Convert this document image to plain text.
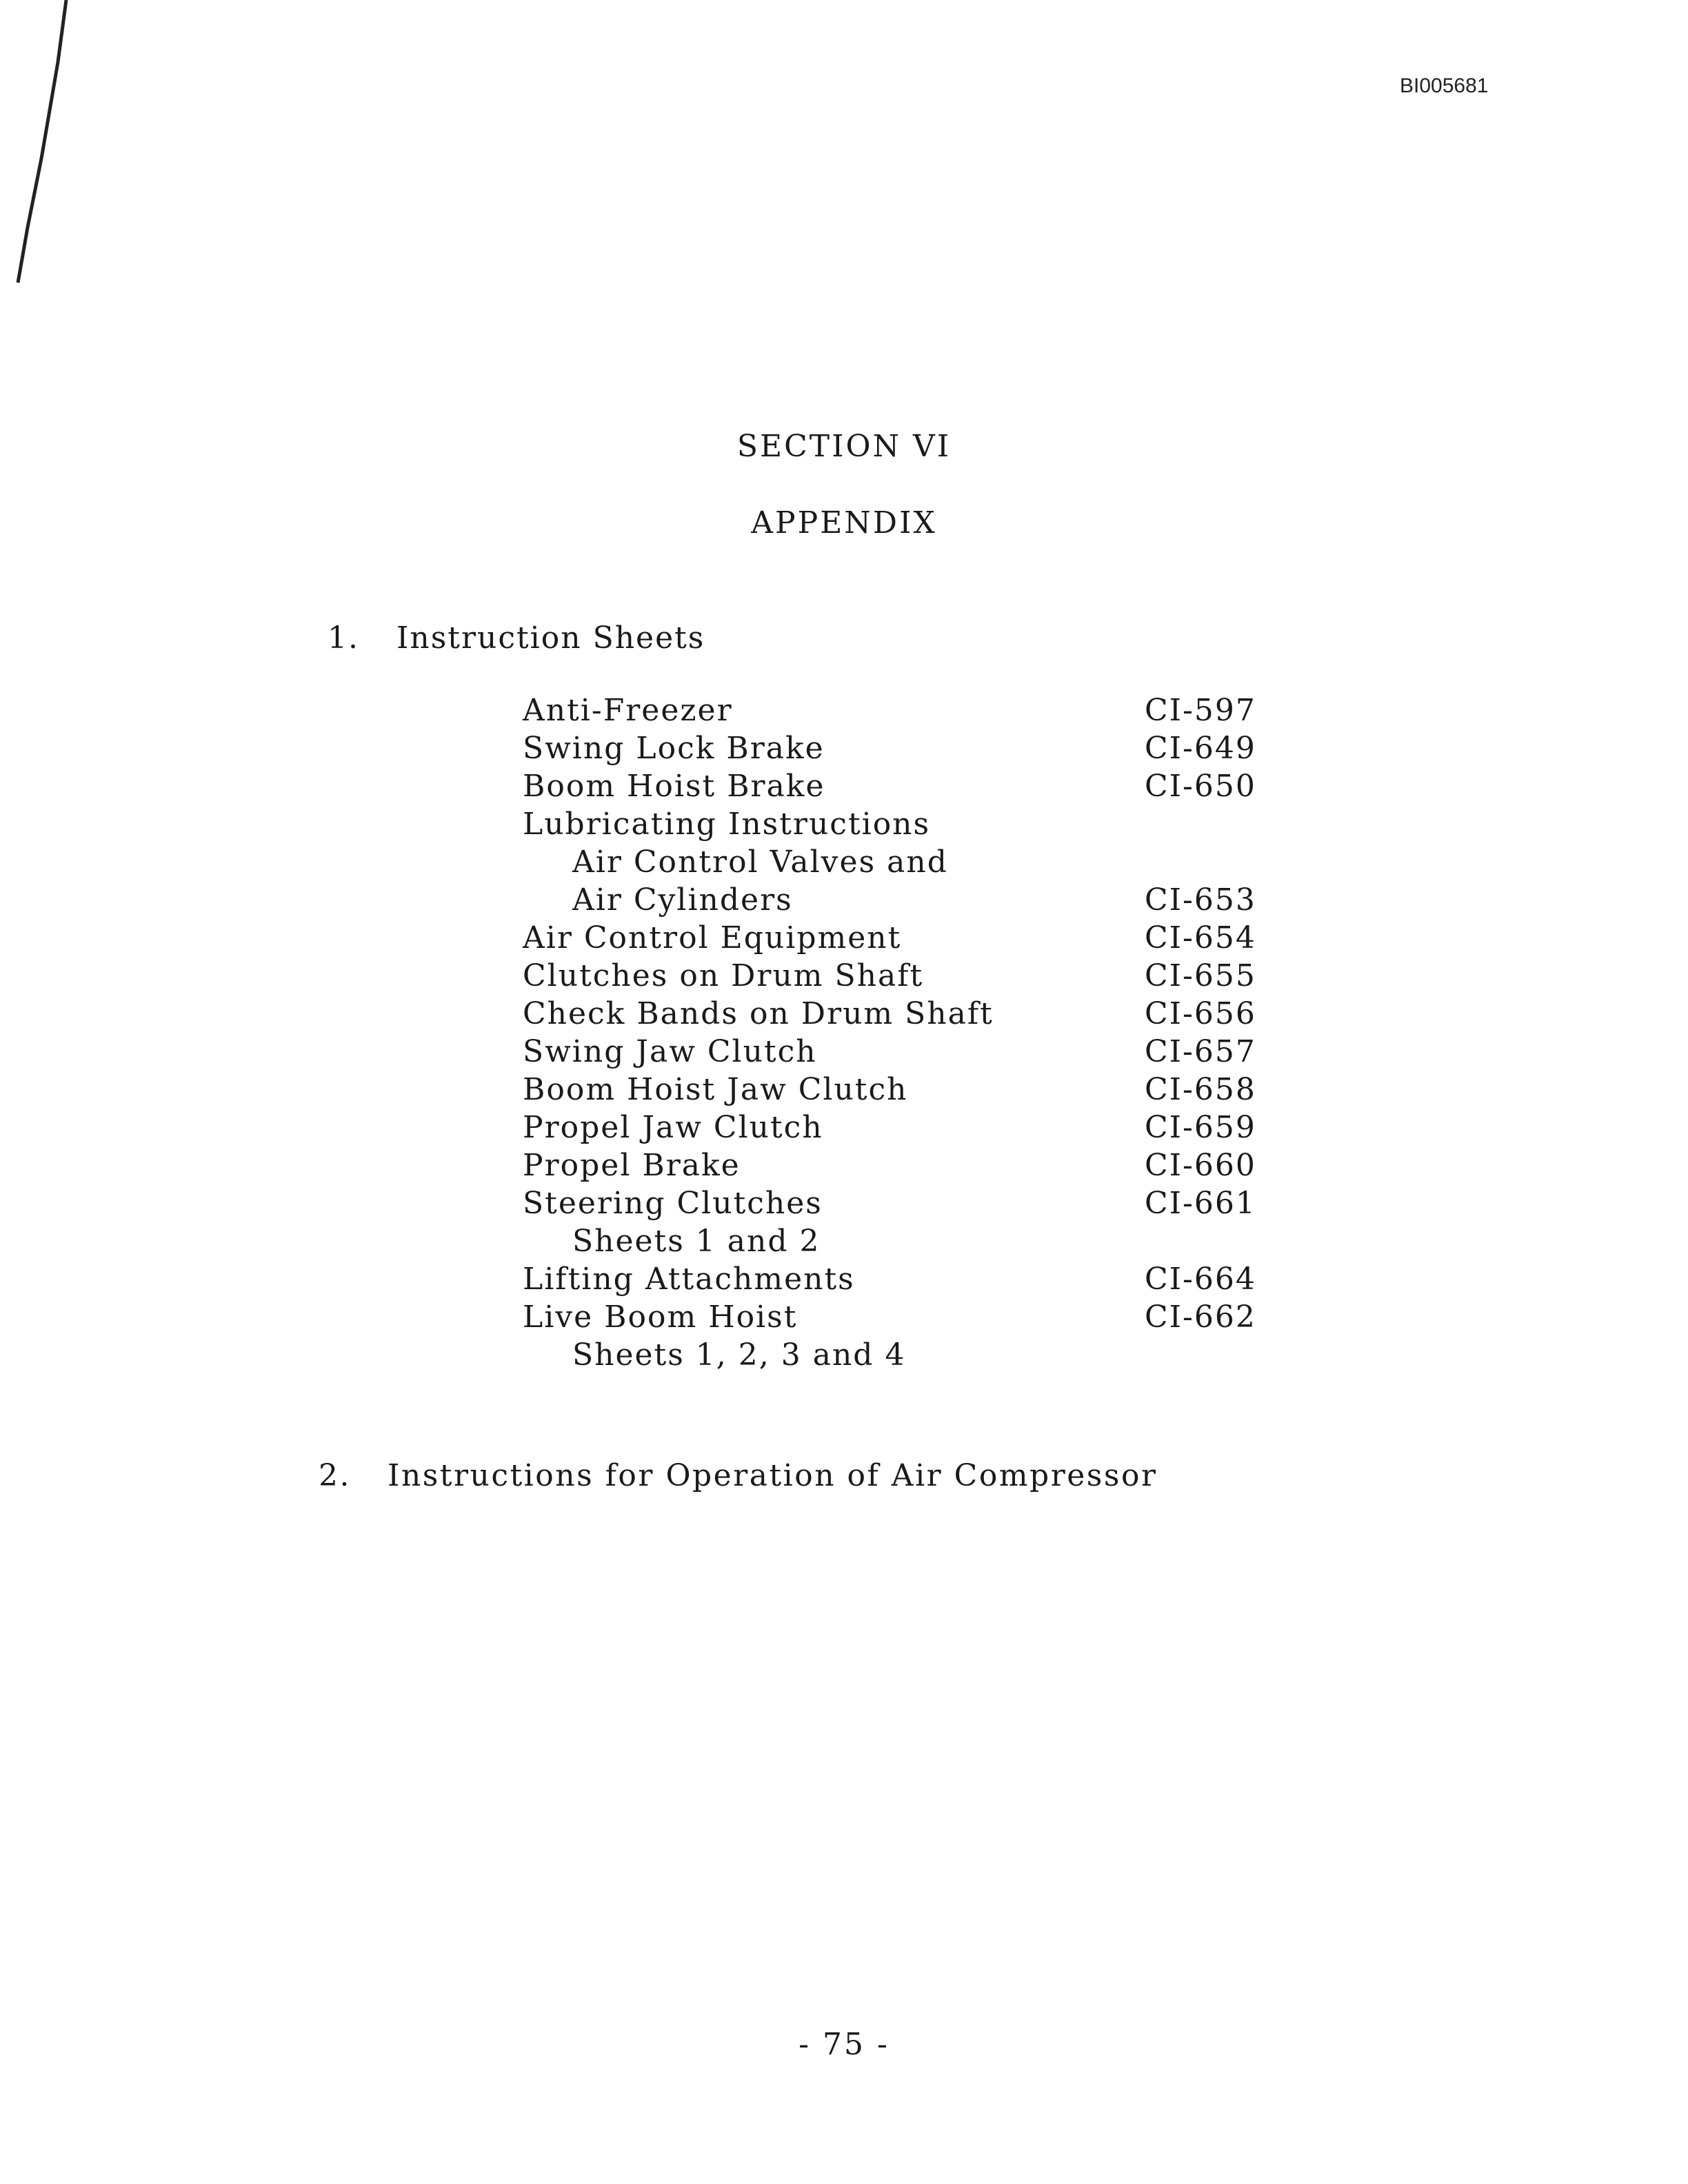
BI005681
SECTION VI
APPENDIX
1. Instruction Sheets
Anti-Freezer	CI-597
Swing Lock Brake	CI-649
Boom Hoist Brake	CI-650
Lubricating Instructions
Air Control Valves and
Air Cylinders	CI-653
Air Control Equipment	CI-654
Clutches on Drum Shaft	CI-655
Check Bands on Drum Shaft	CI-656
Swing Jaw Clutch	CI-657
Boom Hoist Jaw Clutch	CI-658
Propel Jaw Clutch	CI-659
Propel Brake	CI-660
Steering Clutches	CI-661
Sheets 1 and 2
Lifting Attachments	CI-664
Live Boom Hoist	CI-662
Sheets 1, 2, 3 and 4
2. Instructions for Operation of Air Compressor
- 75 -
